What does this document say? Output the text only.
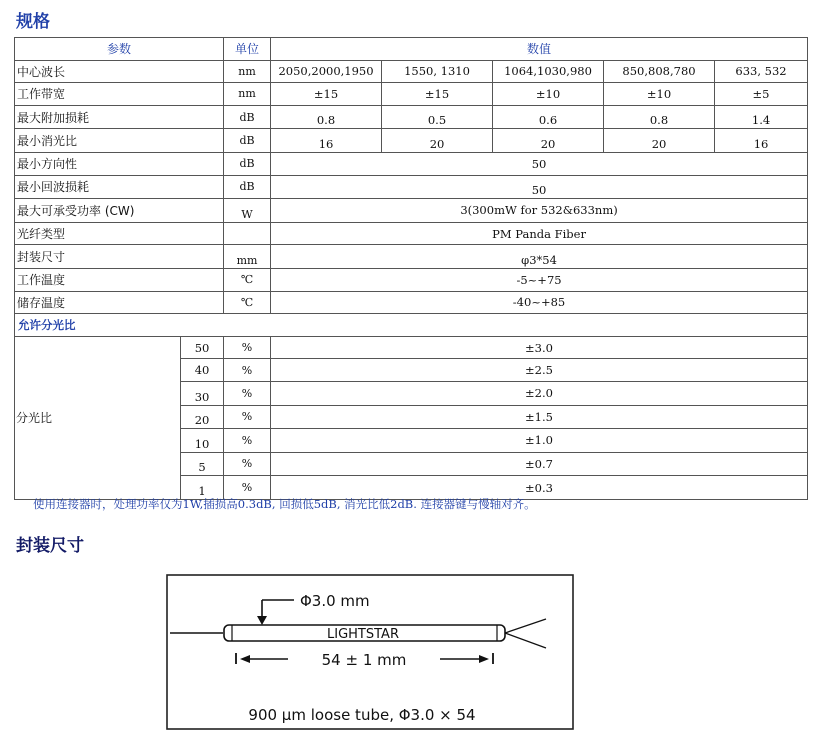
规格
参数		单位	数值				
中心波长		nm	2050,2000,1950	1550, 1310	1064,1030,980	850,808,780	633, 532
工作带宽		nm	±15	±15	±10	±10	±5
最大附加损耗		dB	0.8	0.5	0.6	0.8	1.4
最小消光比		dB	16	20	20	20	16
最小方向性		dB	50				
最小回波损耗		dB	50				
最大可承受功率 (CW)		W	3(300mW for 532&633nm)				
光纤类型			PM Panda Fiber				
封装尺寸		mm	φ3*54				
工作温度		℃	-5~+75				
储存温度		℃	-40~+85				
允许分光比							

分光比	50	%	±3.0				
	40	%	±2.5				
	30	%	±2.0				
	20	%	±1.5				
	10	%	±1.0				
	5	%	±0.7				
	1	%	±0.3				
使用连接器时，处理功率仅为1W,插损高0.3dB, 回损低5dB, 消光比低2dB. 连接器键与慢轴对齐。
封装尺寸
Φ3.0 mm
LIGHTSTAR
54 ± 1 mm
900 μm loose tube, Φ3.0 × 54
